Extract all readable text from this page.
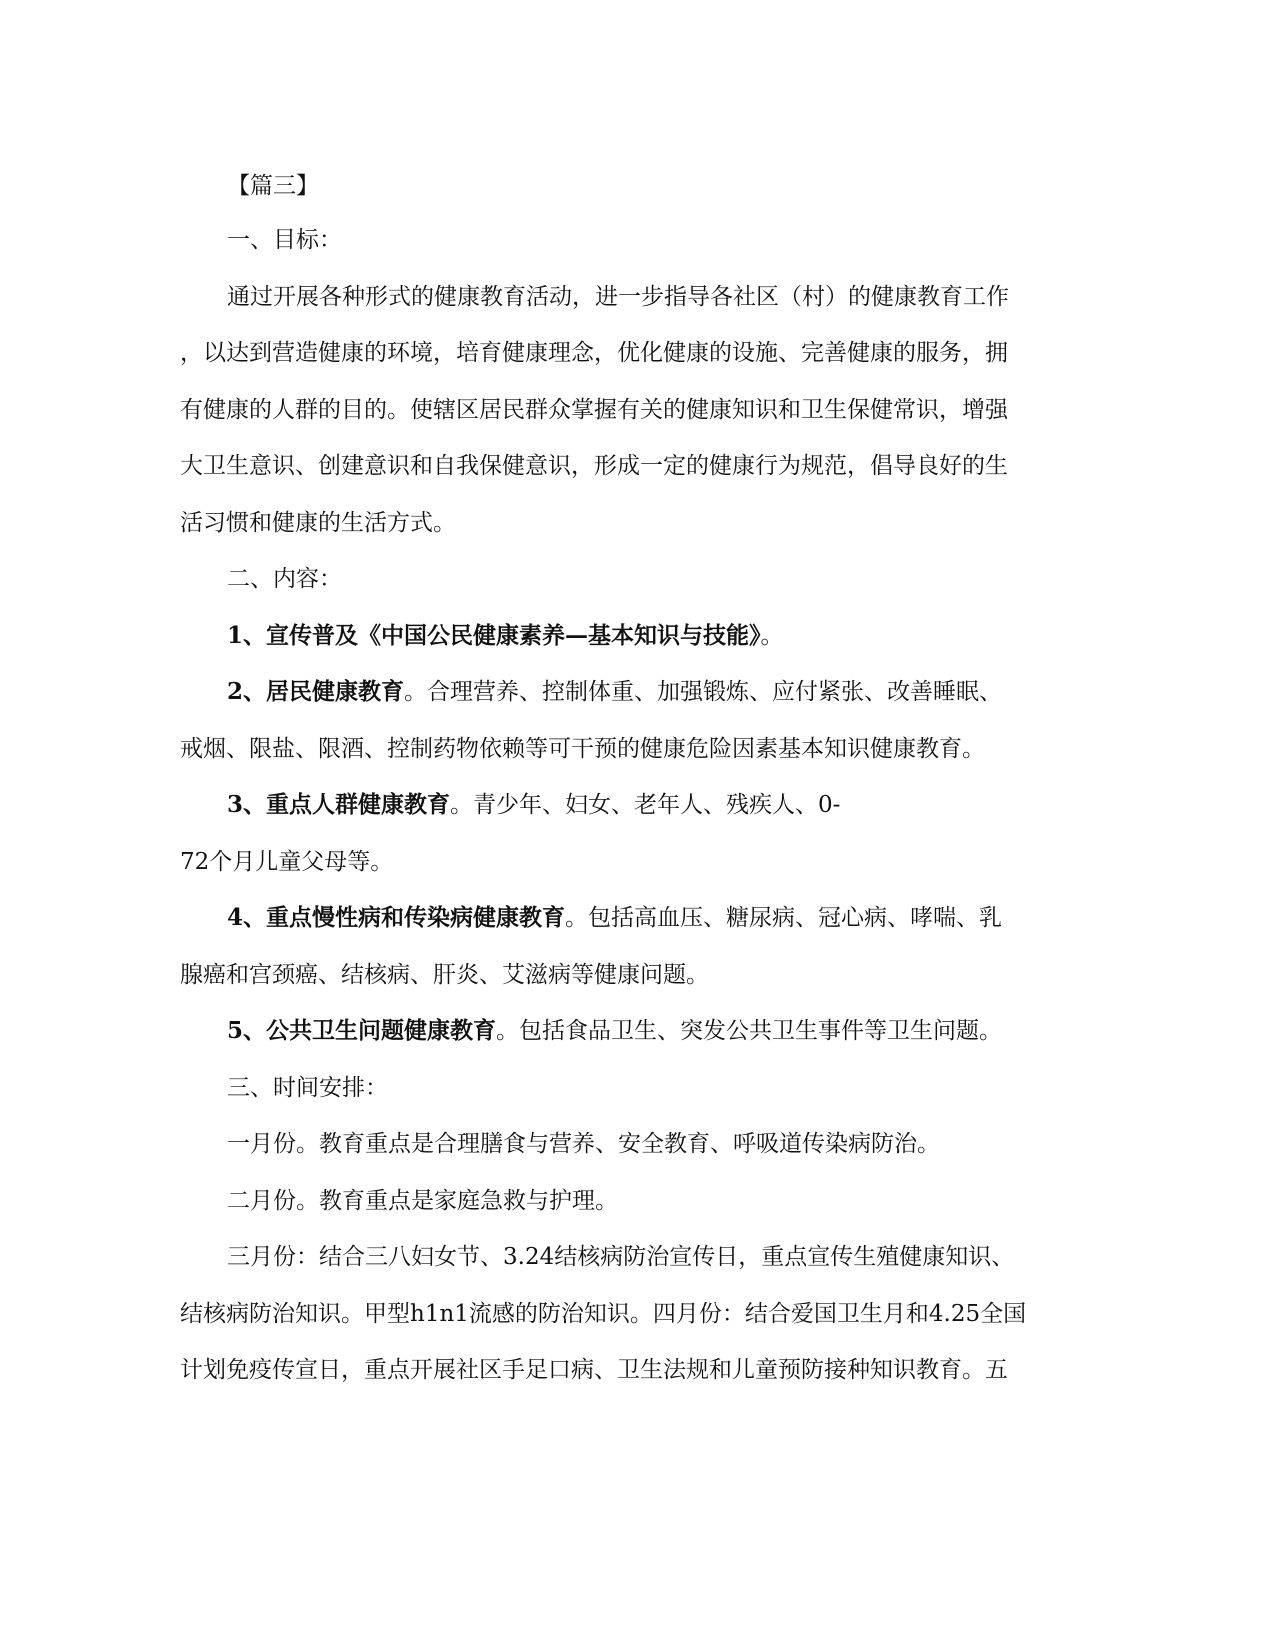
【篇三】

一、目标：

通过开展各种形式的健康教育活动，进一步指导各社区（村）的健康教育工作
，以达到营造健康的环境，培育健康理念，优化健康的设施、完善健康的服务，拥
有健康的人群的目的。使辖区居民群众掌握有关的健康知识和卫生保健常识，增强
大卫生意识、创建意识和自我保健意识，形成一定的健康行为规范，倡导良好的生
活习惯和健康的生活方式。

二、内容：

1、宣传普及《中国公民健康素养—基本知识与技能》。

2、居民健康教育。合理营养、控制体重、加强锻炼、应付紧张、改善睡眠、
戒烟、限盐、限酒、控制药物依赖等可干预的健康危险因素基本知识健康教育。

3、重点人群健康教育。青少年、妇女、老年人、残疾人、0-
72个月儿童父母等。

4、重点慢性病和传染病健康教育。包括高血压、糖尿病、冠心病、哮喘、乳
腺癌和宫颈癌、结核病、肝炎、艾滋病等健康问题。

5、公共卫生问题健康教育。包括食品卫生、突发公共卫生事件等卫生问题。

三、时间安排：

一月份。教育重点是合理膳食与营养、安全教育、呼吸道传染病防治。

二月份。教育重点是家庭急救与护理。

三月份：结合三八妇女节、3.24结核病防治宣传日，重点宣传生殖健康知识、
结核病防治知识。甲型h1n1流感的防治知识。四月份：结合爱国卫生月和4.25全国
计划免疫传宣日，重点开展社区手足口病、卫生法规和儿童预防接种知识教育。五
